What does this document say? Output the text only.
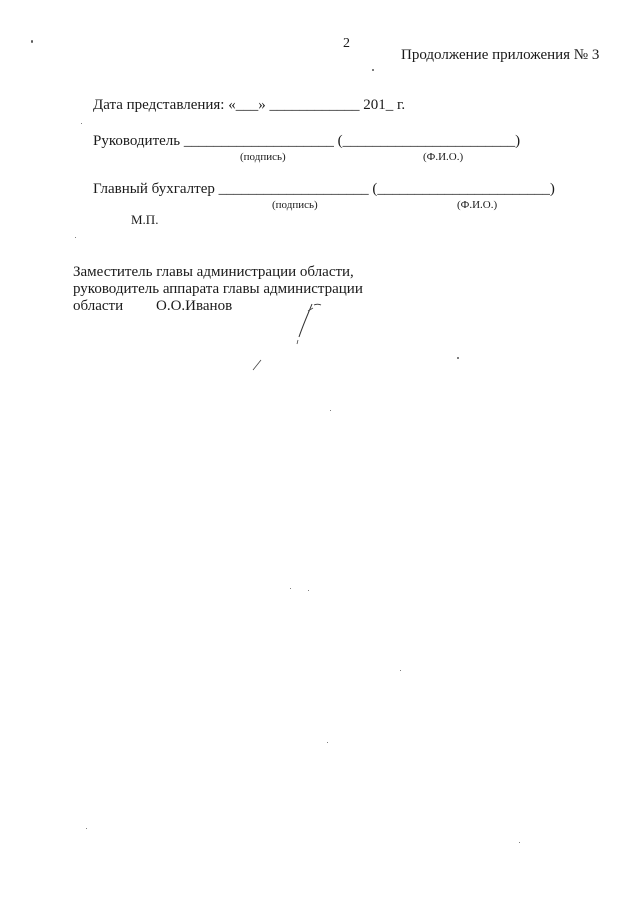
2
Продолжение приложения № 3
Дата представления: «___» ____________ 201_ г.
Руководитель ____________________ (_______________________)
(подпись)	(Ф.И.О.)
Главный бухгалтер ____________________ (_______________________)
(подпись)	(Ф.И.О.)
М.П.
Заместитель главы администрации области,
руководитель аппарата главы администрации
области О.О.Иванов
